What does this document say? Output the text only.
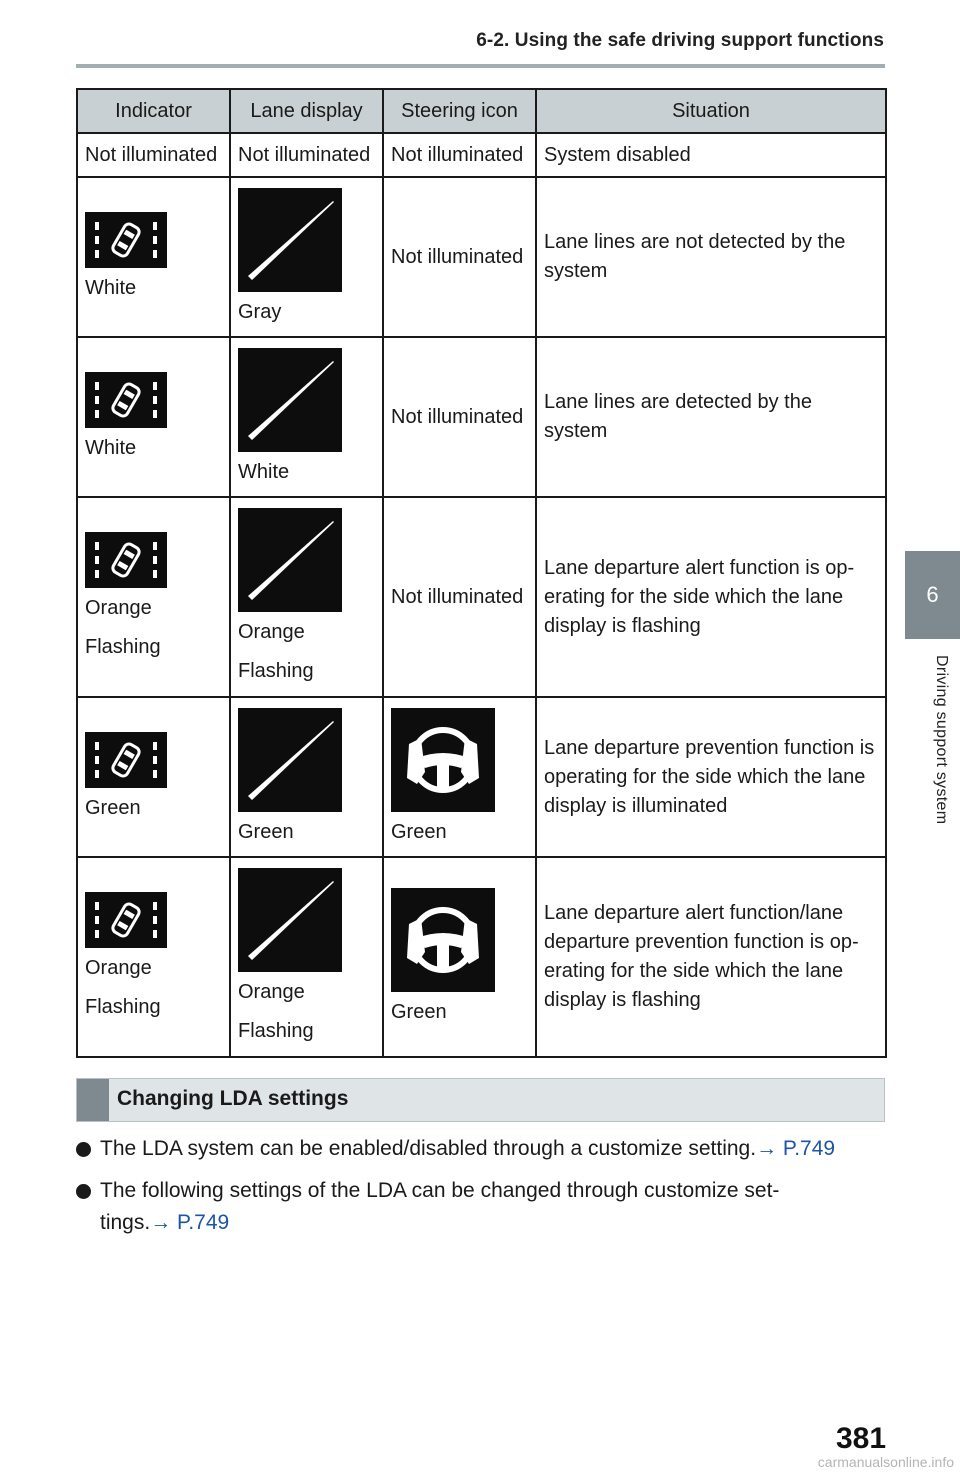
6-2. Using the safe driving support functions
6
Driving support system
Indicator	Lane display	Steering icon	Situation
Not illuminated	Not illuminated	Not illuminated	System disabled

White	Gray	Not illuminated	Lane lines are not detected by the system

White	White	Not illuminated	Lane lines are detected by the system

Orange
Flashing	Orange
Flashing	Not illuminated	Lane departure alert function is op-erating for the side which the lane display is flashing

Green	Green	Green	Lane departure prevention function is operating for the side which the lane display is illuminated

Orange
Flashing	Orange
Flashing	Green	Lane departure alert function/lane departure prevention function is op-erating for the side which the lane display is flashing
Changing LDA settings
The LDA system can be enabled/disabled through a customize setting.→ P.749
The following settings of the LDA can be changed through customize set-tings.→ P.749
381
carmanualsonline.info
